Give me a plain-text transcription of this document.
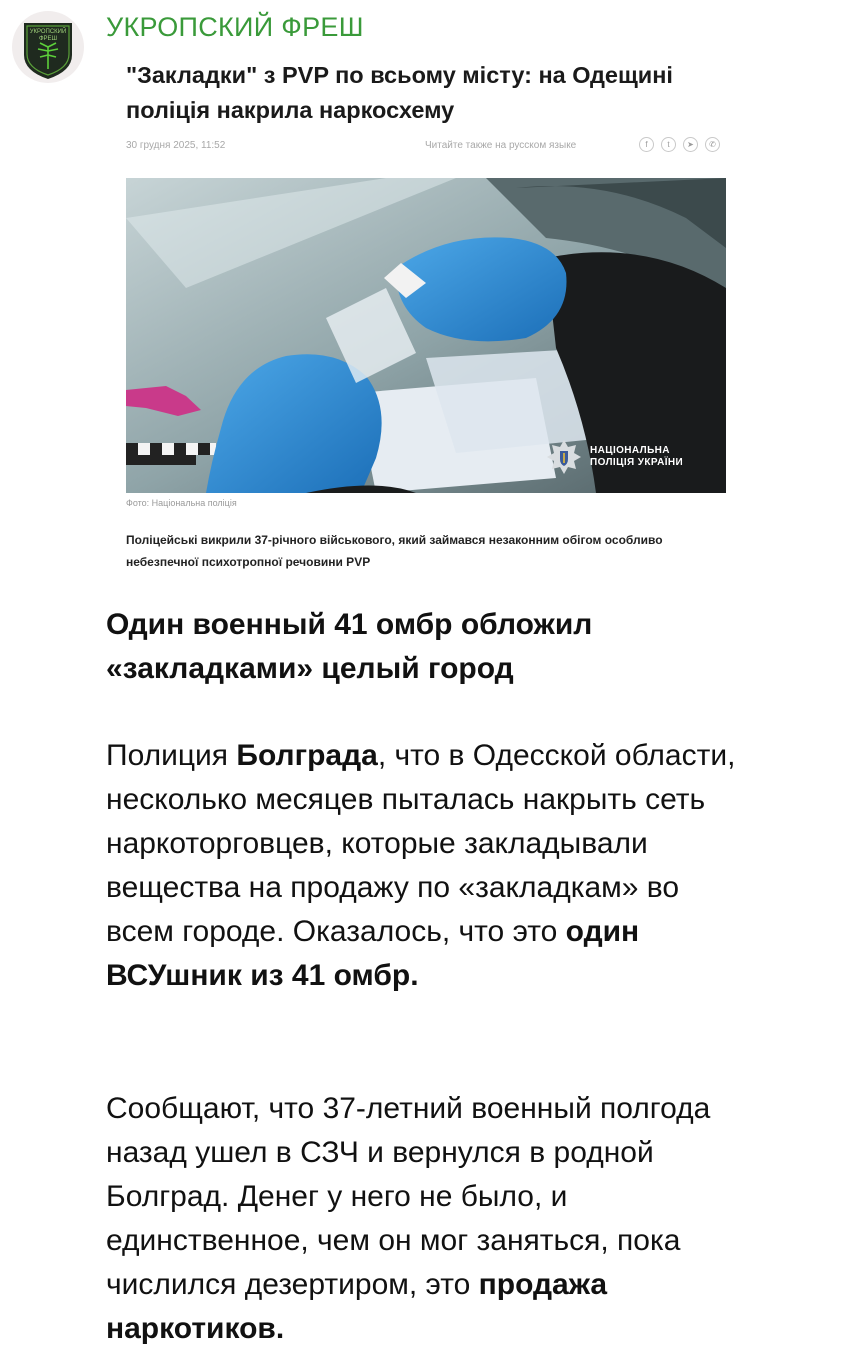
УКРОПСКИЙ
ФРЕШ УКРОПСКИЙ ФРЕШ
"Закладки" з PVP по всьому місту: на Одещині поліція накрила наркосхему
30 грудня 2025, 11:52	Читайте также на русском языке	f	t	➤	✆
НАЦІОНАЛЬНА ПОЛІЦІЯ УКРАЇНИ
Фото: Національна поліція
Поліцейські викрили 37-річного військового, який займався незаконним обігом особливо небезпечної психотропної речовини PVP
Один военный 41 омбр обложил «закладками» целый город
Полиция Болграда, что в Одесской области, несколько месяцев пыталась накрыть сеть наркоторговцев, которые закладывали вещества на продажу по «закладкам» во всем городе. Оказалось, что это один ВСУшник из 41 омбр.
Сообщают, что 37-летний военный полгода назад ушел в СЗЧ и вернулся в родной Болград. Денег у него не было, и единственное, чем он мог заняться, пока числился дезертиром, это продажа наркотиков.
